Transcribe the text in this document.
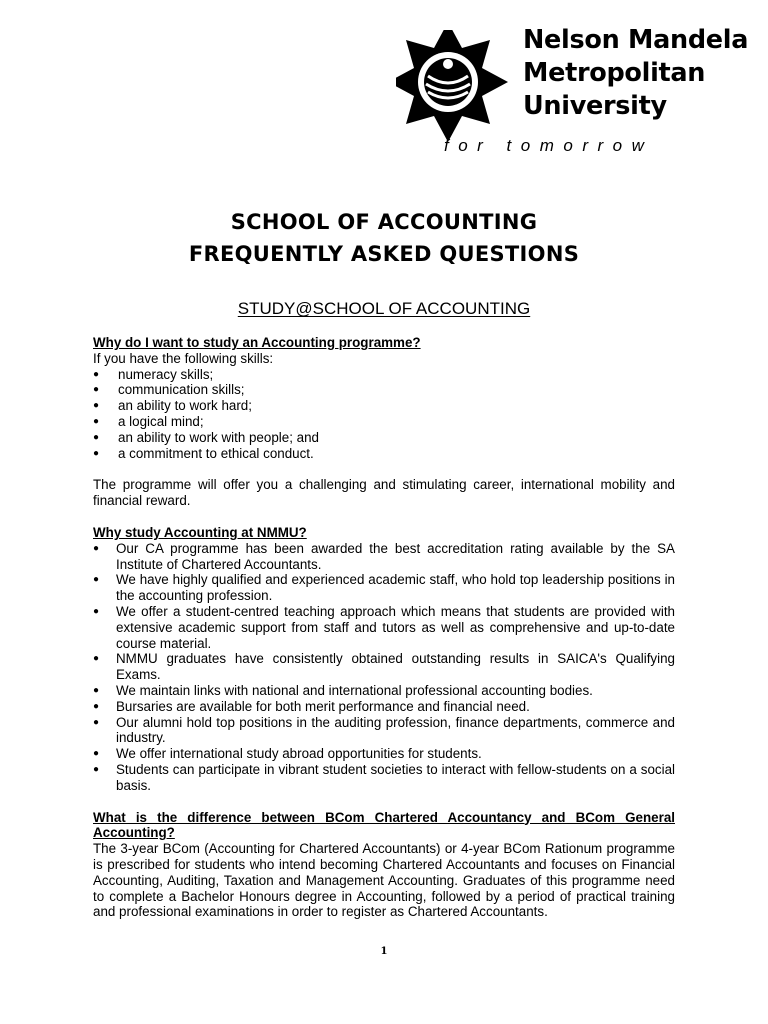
Nelson Mandela
Metropolitan
University
for tomorrow
SCHOOL OF ACCOUNTING
FREQUENTLY ASKED QUESTIONS
STUDY@SCHOOL OF ACCOUNTING

Why do I want to study an Accounting programme?

If you have the following skills:

● numeracy skills;
● communication skills;
● an ability to work hard;
● a logical mind;
● an ability to work with people; and
● a commitment to ethical conduct.

The programme will offer you a challenging and stimulating career, international mobility and financial reward.

Why study Accounting at NMMU?

● Our CA programme has been awarded the best accreditation rating available by the SA Institute of Chartered Accountants.
● We have highly qualified and experienced academic staff, who hold top leadership positions in the accounting profession.
● We offer a student-centred teaching approach which means that students are provided with extensive academic support from staff and tutors as well as comprehensive and up-to-date course material.
● NMMU graduates have consistently obtained outstanding results in SAICA's Qualifying Exams.
● We maintain links with national and international professional accounting bodies.
● Bursaries are available for both merit performance and financial need.
● Our alumni hold top positions in the auditing profession, finance departments, commerce and industry.
● We offer international study abroad opportunities for students.
● Students can participate in vibrant student societies to interact with fellow-students on a social basis.

What is the difference between BCom Chartered Accountancy and BCom General Accounting?

The 3-year BCom (Accounting for Chartered Accountants) or 4-year BCom Rationum programme is prescribed for students who intend becoming Chartered Accountants and focuses on Financial Accounting, Auditing, Taxation and Management Accounting. Graduates of this programme need to complete a Bachelor Honours degree in Accounting, followed by a period of practical training and professional examinations in order to register as Chartered Accountants.

1
